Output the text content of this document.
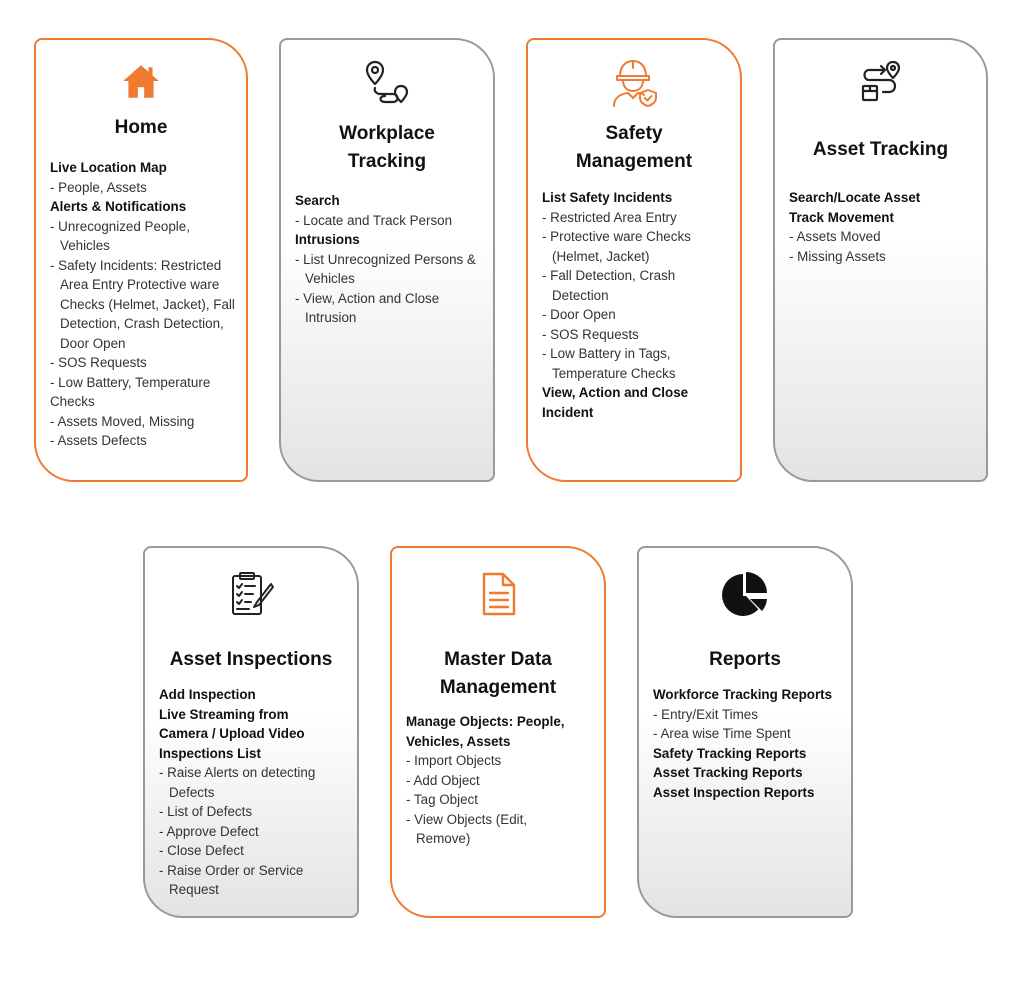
Home
Live Location Map
- People, Assets
Alerts & Notifications
- Unrecognized People, Vehicles
- Safety Incidents: Restricted Area Entry Protective ware Checks (Helmet, Jacket), Fall Detection, Crash Detection, Door Open
- SOS Requests
- Low Battery, Temperature Checks
- Assets Moved, Missing
- Assets Defects
Workplace
Tracking
Search
- Locate and Track Person
Intrusions
- List Unrecognized Persons & Vehicles
- View, Action and Close Intrusion
Safety
Management
List Safety Incidents
- Restricted Area Entry
- Protective ware Checks (Helmet, Jacket)
- Fall Detection, Crash Detection
- Door Open
- SOS Requests
- Low Battery in Tags, Temperature Checks
View, Action and Close Incident
Asset Tracking
Search/Locate Asset
Track Movement
- Assets Moved
- Missing Assets
Asset Inspections
Add Inspection
Live Streaming from Camera / Upload Video
Inspections List
- Raise Alerts on detecting Defects
- List of Defects
- Approve Defect
- Close Defect
- Raise Order or Service Request
Master Data
Management
Manage Objects: People, Vehicles, Assets
- Import Objects
- Add Object
- Tag Object
- View Objects (Edit, Remove)
Reports
Workforce Tracking Reports
- Entry/Exit Times
- Area wise Time Spent
Safety Tracking Reports
Asset Tracking Reports
Asset Inspection Reports
